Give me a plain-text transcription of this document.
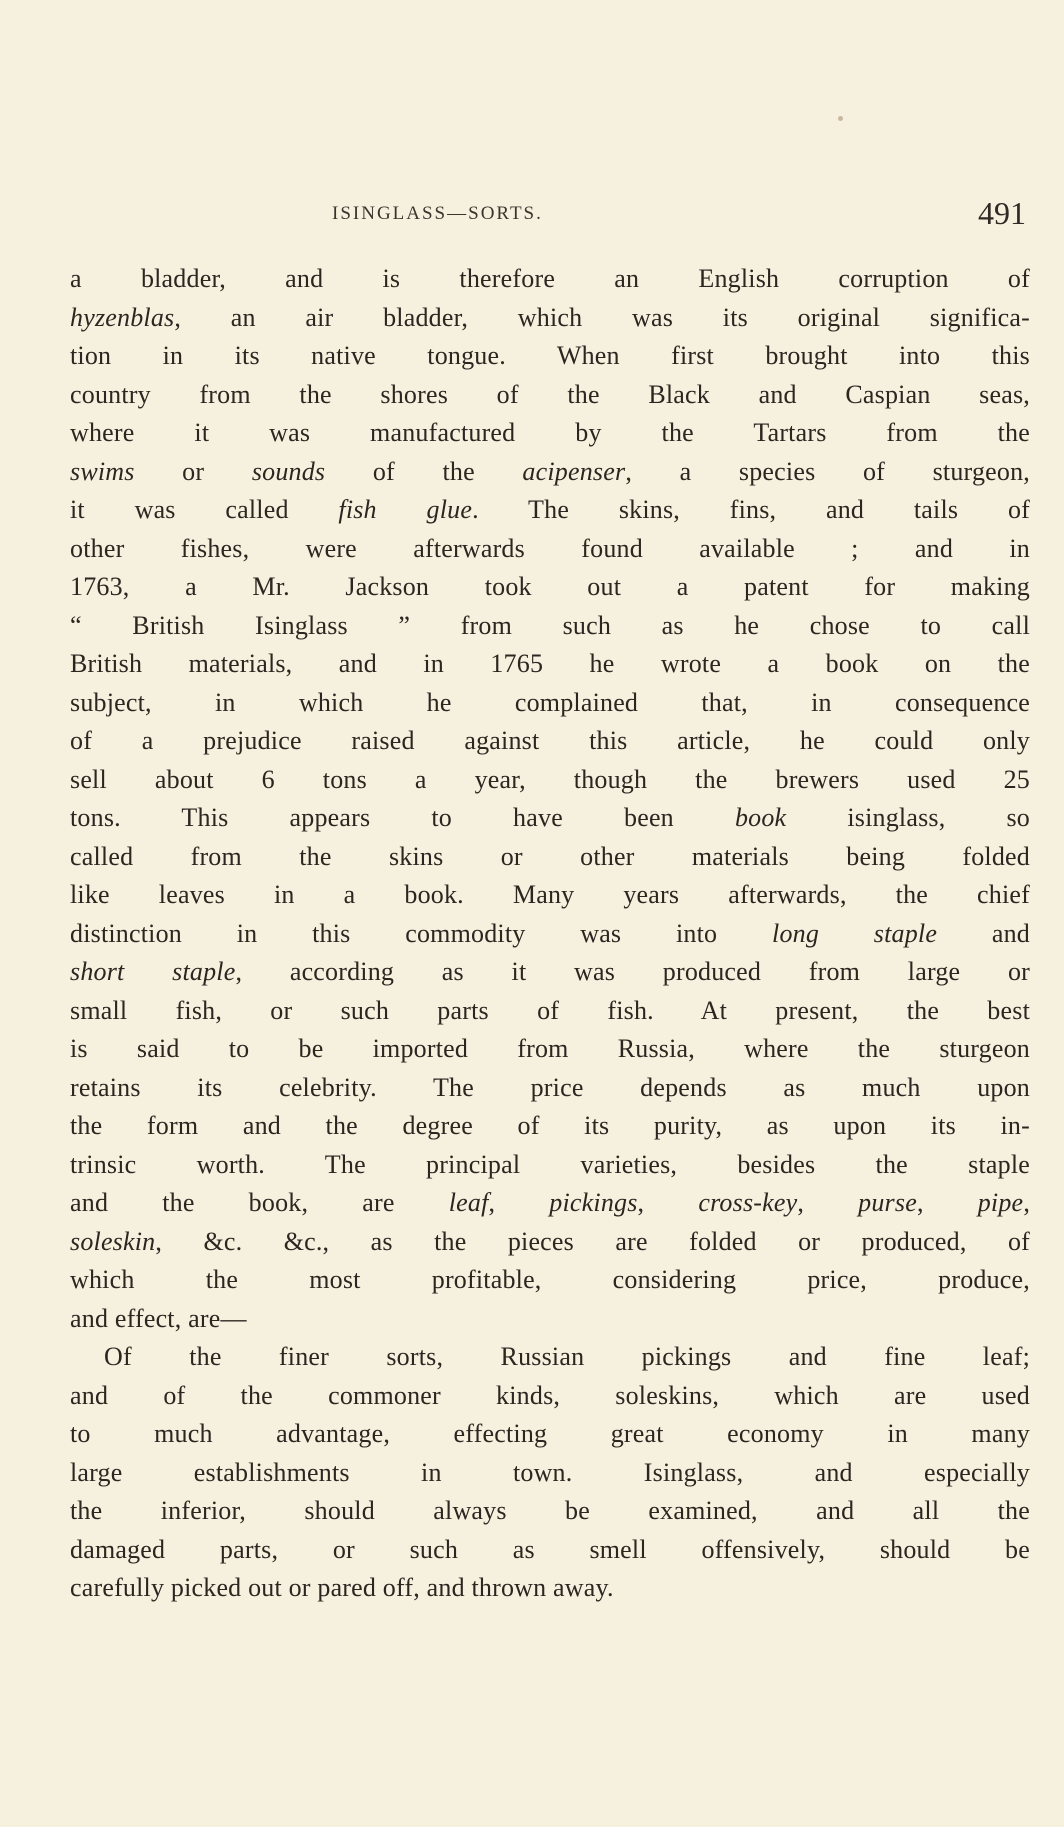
ISINGLASS—SORTS.	491
a bladder, and is therefore an English corruption of
hyzenblas, an air bladder, which was its original significa-
tion in its native tongue. When first brought into this
country from the shores of the Black and Caspian seas,
where it was manufactured by the Tartars from the
swims or sounds of the acipenser, a species of sturgeon,
it was called fish glue. The skins, fins, and tails of
other fishes, were afterwards found available ; and in
1763, a Mr. Jackson took out a patent for making
“ British Isinglass ” from such as he chose to call
British materials, and in 1765 he wrote a book on the
subject, in which he complained that, in consequence
of a prejudice raised against this article, he could only
sell about 6 tons a year, though the brewers used 25
tons. This appears to have been book isinglass, so
called from the skins or other materials being folded
like leaves in a book. Many years afterwards, the chief
distinction in this commodity was into long staple and
short staple, according as it was produced from large or
small fish, or such parts of fish. At present, the best
is said to be imported from Russia, where the sturgeon
retains its celebrity. The price depends as much upon
the form and the degree of its purity, as upon its in-
trinsic worth. The principal varieties, besides the staple
and the book, are leaf, pickings, cross-key, purse, pipe,
soleskin, &c. &c., as the pieces are folded or produced, of
which the most profitable, considering price, produce,
and effect, are—
Of the finer sorts, Russian pickings and fine leaf;
and of the commoner kinds, soleskins, which are used
to much advantage, effecting great economy in many
large establishments in town. Isinglass, and especially
the inferior, should always be examined, and all the
damaged parts, or such as smell offensively, should be
carefully picked out or pared off, and thrown away.
